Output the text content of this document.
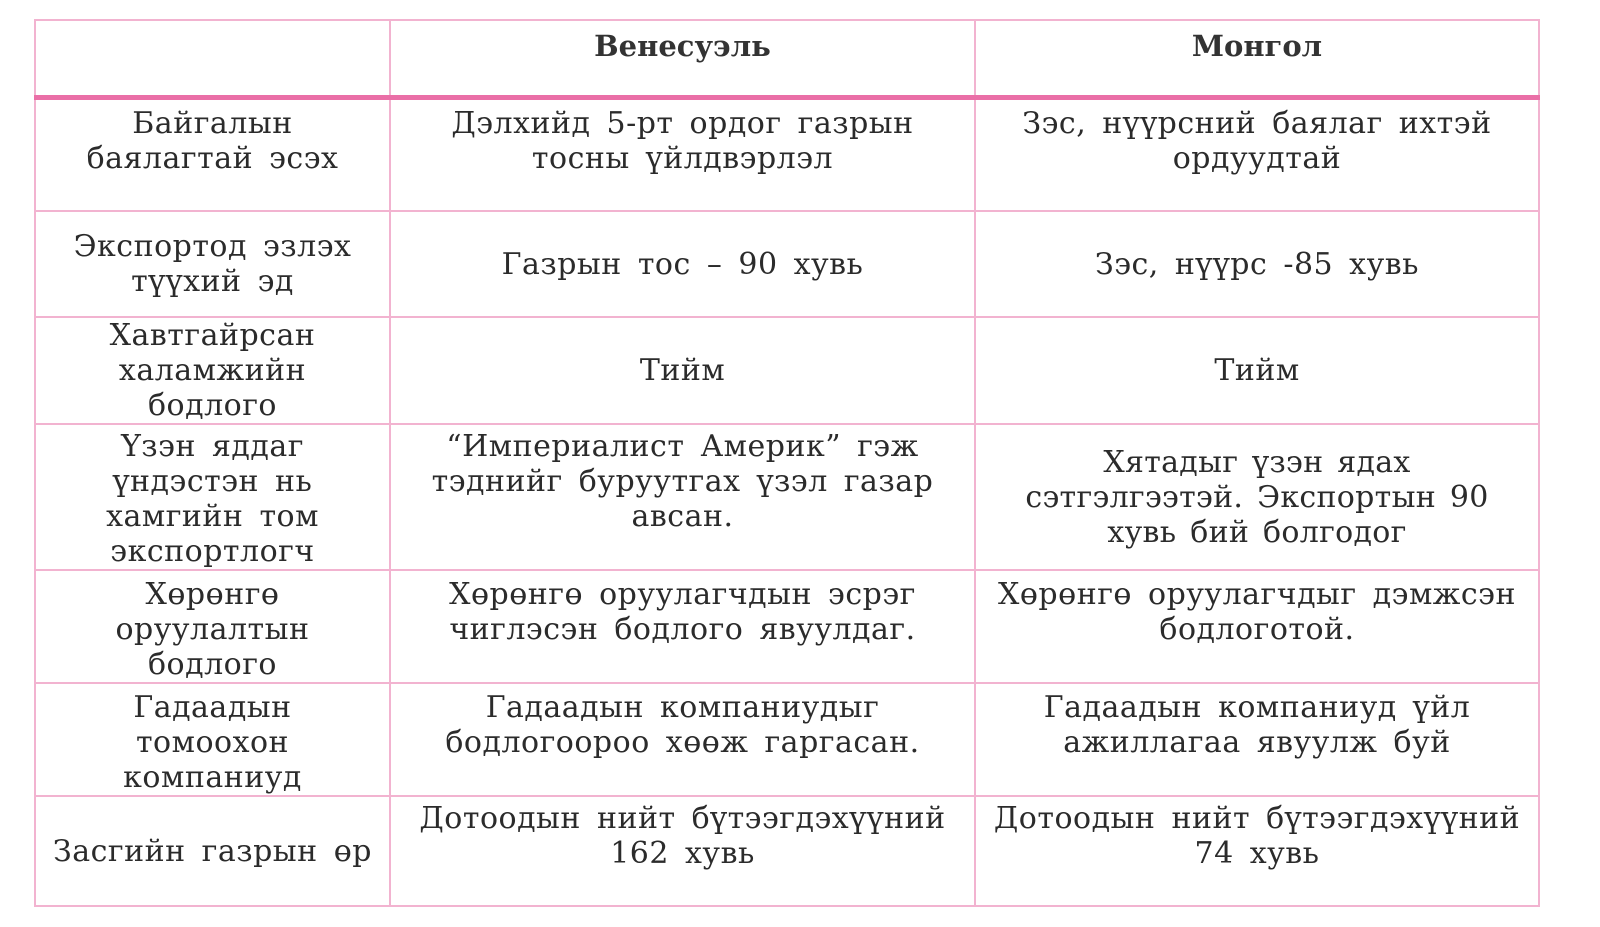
	Венесуэль	Монгол
Байгалын баялагтай эсэх	Дэлхийд 5-рт ордог газрын тосны үйлдвэрлэл	Зэс, нүүрсний баялаг ихтэй ордуудтай
Экспортод эзлэх түүхий эд	Газрын тос – 90 хувь	Зэс, нүүрс -85 хувь
Хавтгайрсан халамжийн бодлого	Тийм	Тийм
Үзэн яддаг үндэстэн нь хамгийн том экспортлогч	“Империалист Америк” гэж тэднийг буруутгах үзэл газар авсан.	Хятадыг үзэн ядах сэтгэлгээтэй. Экспортын 90 хувь бий болгодог
Хөрөнгө оруулалтын бодлого	Хөрөнгө оруулагчдын эсрэг чиглэсэн бодлого явуулдаг.	Хөрөнгө оруулагчдыг дэмжсэн бодлоготой.
Гадаадын томоохон компаниуд	Гадаадын компаниудыг бодлогоороо хөөж гаргасан.	Гадаадын компаниуд үйл ажиллагаа явуулж буй
Засгийн газрын өр	Дотоодын нийт бүтээгдэхүүний 162 хувь	Дотоодын нийт бүтээгдэхүүний 74 хувь
